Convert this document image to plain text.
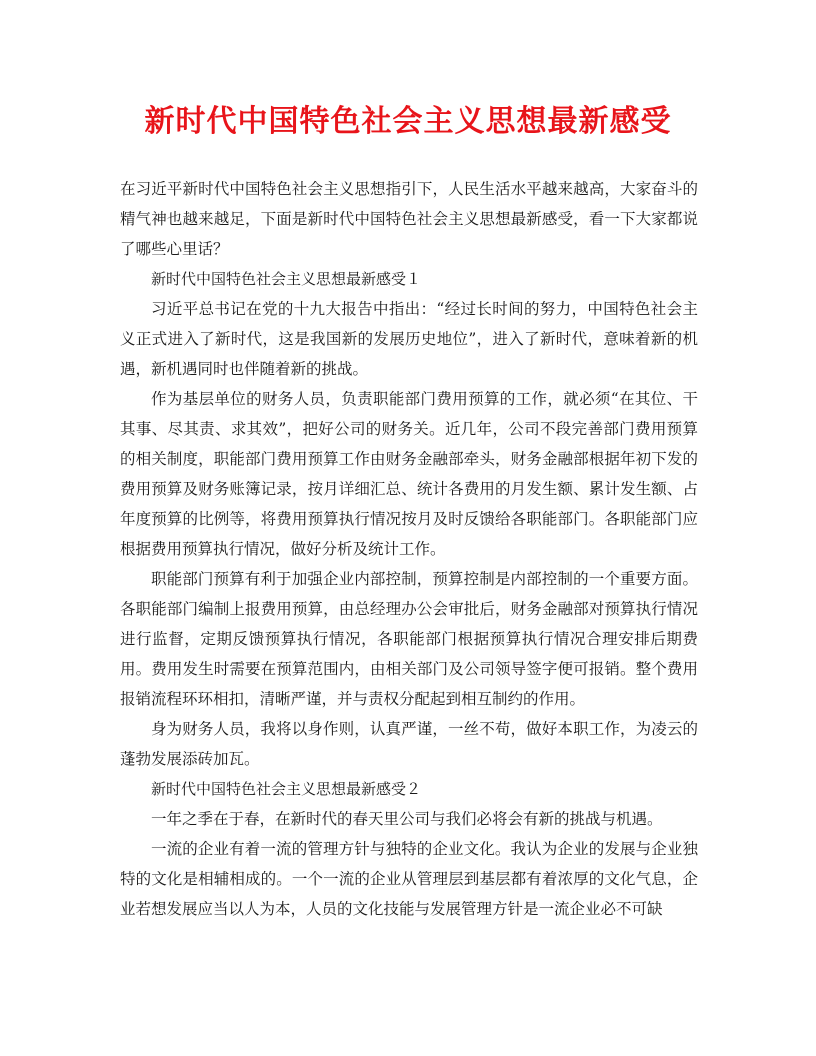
新时代中国特色社会主义思想最新感受

在习近平新时代中国特色社会主义思想指引下，人民生活水平越来越高，大家奋斗的精气神也越来越足，下面是新时代中国特色社会主义思想最新感受，看一下大家都说了哪些心里话？

新时代中国特色社会主义思想最新感受１

习近平总书记在党的十九大报告中指出：“经过长时间的努力，中国特色社会主义正式进入了新时代，这是我国新的发展历史地位”，进入了新时代，意味着新的机遇，新机遇同时也伴随着新的挑战。

作为基层单位的财务人员，负责职能部门费用预算的工作，就必须“在其位、干其事、尽其责、求其效”，把好公司的财务关。近几年，公司不段完善部门费用预算的相关制度，职能部门费用预算工作由财务金融部牵头，财务金融部根据年初下发的费用预算及财务账簿记录，按月详细汇总、统计各费用的月发生额、累计发生额、占年度预算的比例等，将费用预算执行情况按月及时反馈给各职能部门。各职能部门应根据费用预算执行情况，做好分析及统计工作。

职能部门预算有利于加强企业内部控制，预算控制是内部控制的一个重要方面。各职能部门编制上报费用预算，由总经理办公会审批后，财务金融部对预算执行情况进行监督，定期反馈预算执行情况，各职能部门根据预算执行情况合理安排后期费用。费用发生时需要在预算范围内，由相关部门及公司领导签字便可报销。整个费用报销流程环环相扣，清晰严谨，并与责权分配起到相互制约的作用。

身为财务人员，我将以身作则，认真严谨，一丝不苟，做好本职工作，为凌云的蓬勃发展添砖加瓦。

新时代中国特色社会主义思想最新感受２

一年之季在于春，在新时代的春天里公司与我们必将会有新的挑战与机遇。

一流的企业有着一流的管理方针与独特的企业文化。我认为企业的发展与企业独特的文化是相辅相成的。一个一流的企业从管理层到基层都有着浓厚的文化气息，企业若想发展应当以人为本，人员的文化技能与发展管理方针是一流企业必不可缺
